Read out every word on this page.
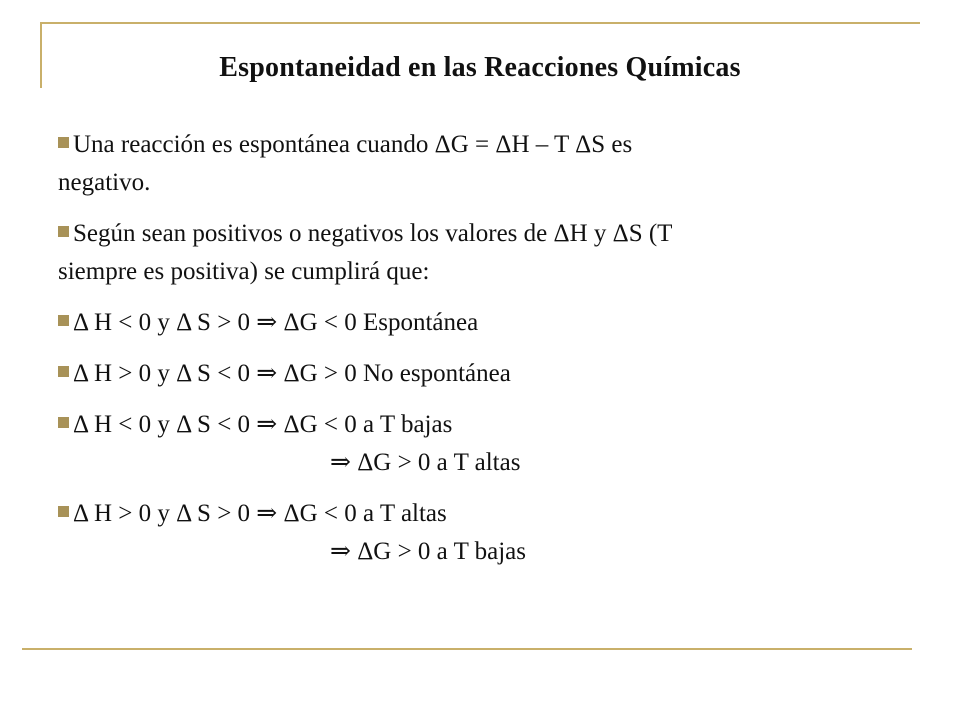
Espontaneidad en las Reacciones Químicas
Una reacción es espontánea cuando ΔG = ΔH – T ΔS es
negativo.
Según sean positivos o negativos los valores de ΔH y ΔS (T
siempre es positiva) se cumplirá que:
Δ H < 0 y Δ S > 0 ⇒ ΔG < 0 Espontánea
Δ H > 0 y Δ S < 0 ⇒ ΔG > 0 No espontánea
Δ H < 0 y Δ S < 0 ⇒ ΔG < 0 a T bajas
⇒ ΔG > 0 a T altas
Δ H > 0 y Δ S > 0 ⇒ ΔG < 0 a T altas
⇒ ΔG > 0 a T bajas
